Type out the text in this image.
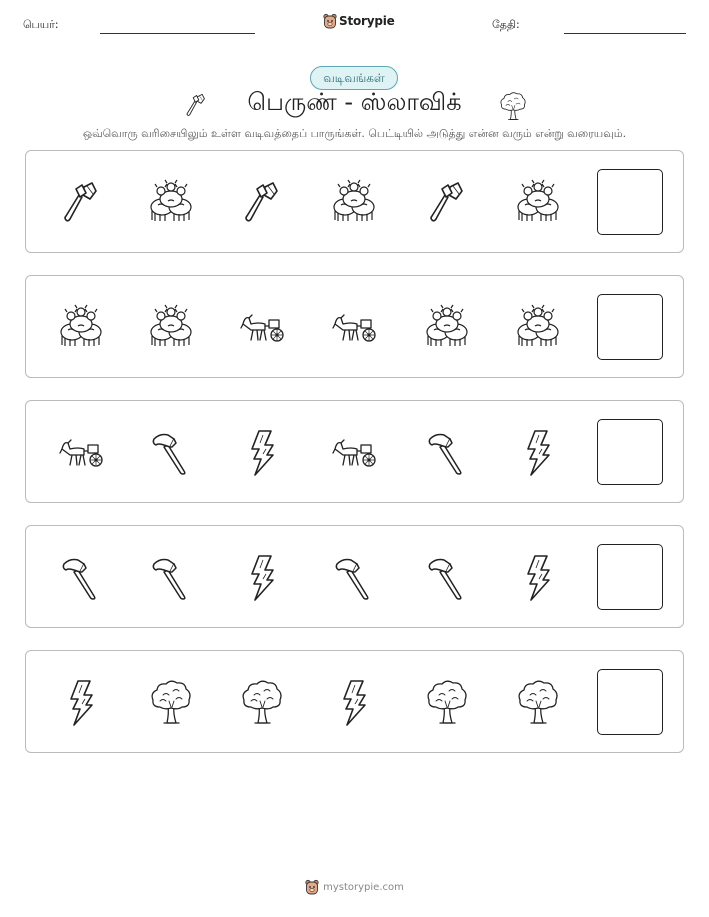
பெயர்:	Storypie	தேதி:
வடிவங்கள்
பெருண் - ஸ்லாவிக்
ஒவ்வொரு வரிசையிலும் உள்ள வடிவத்தைப் பாருங்கள். பெட்டியில் அடுத்து என்ன வரும் என்று வரையவும்.
mystorypie.com
